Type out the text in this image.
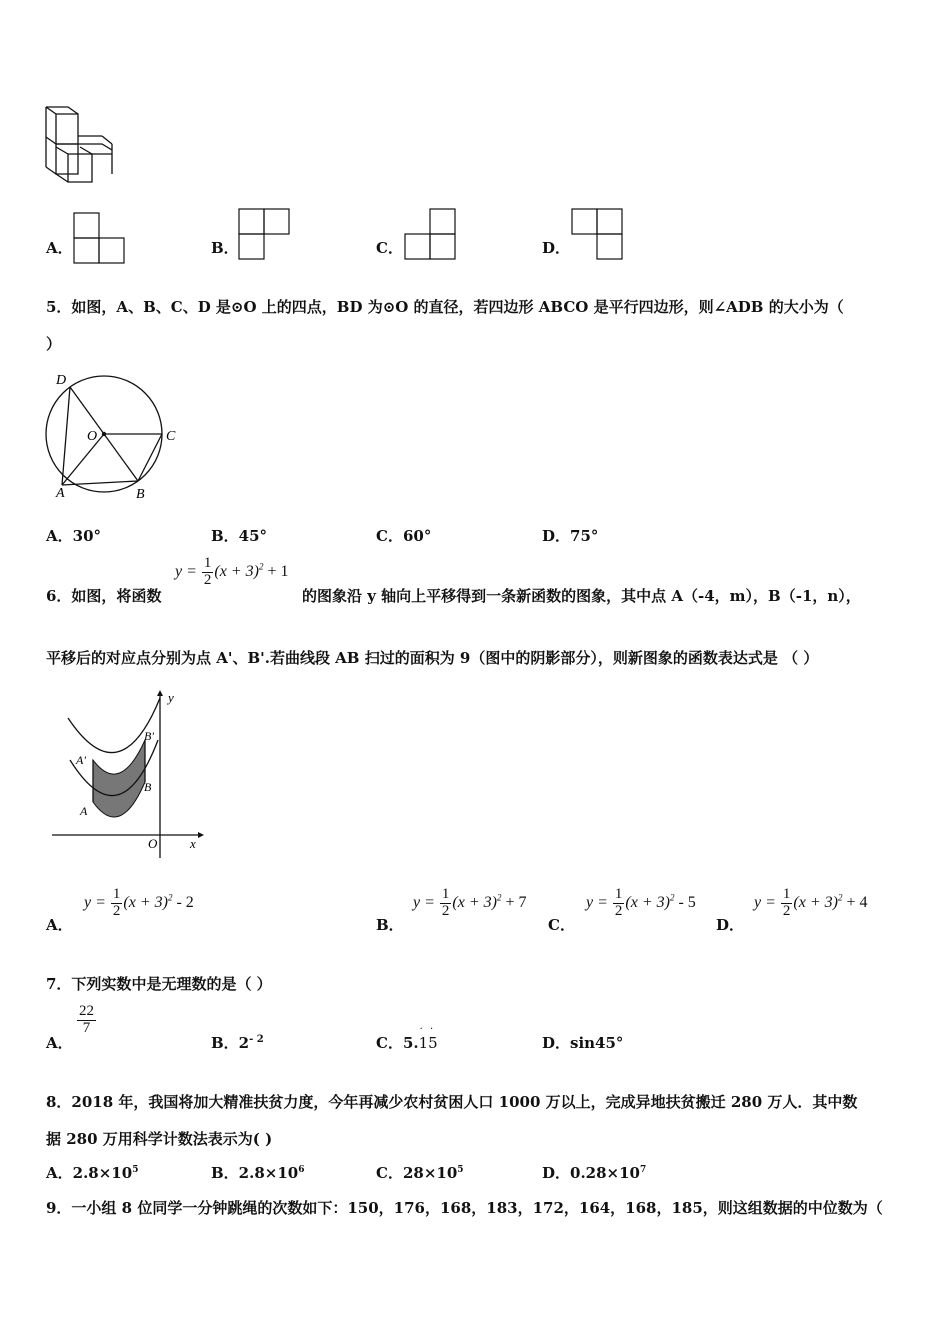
A．	B．	C．	D．
5．如图，A、B、C、D 是⊙O 上的四点，BD 为⊙O 的直径，若四边形 ABCO 是平行四边形，则∠ADB 的大小为（
）
D
O	C
A	B
A．30°	B．45°	C．60°	D．75°
6．如图，将函数
$y = \frac{1}{2} (x + 3)^2 + 1$
的图象沿 y 轴向上平移得到一条新函数的图象，其中点 A（-4，m），B（-1，n），
平移后的对应点分别为点 A'、B'.若曲线段 AB 扫过的面积为 9（图中的阴影部分），则新图象的函数表达式是 （ ）
y
B'
A'
B
A
O	x
A．
$y = \frac{1}{2} (x + 3)^2 - 2$
B．
$y = \frac{1}{2} (x + 3)^2 + 7$
C．
$y = \frac{1}{2} (x + 3)^2 - 5$
D．
$y = \frac{1}{2} (x + 3)^2 + 4$
7．下列实数中是无理数的是（ ）
A．
$\frac{22}{7}$
B．$2^{- 2}$	C．5.
· ·
15	D．sin45°
8．2018 年，我国将加大精准扶贫力度，今年再减少农村贫困人口 1000 万以上，完成异地扶贫搬迁 280 万人．其中数
据 280 万用科学计数法表示为( )
A．$2.8\times 10^5$	B．$2.8\times 10^6$	C．$28\times 10^5$	D．$0.28\times 10^7$
9．一小组 8 位同学一分钟跳绳的次数如下：150，176，168，183，172，164，168，185，则这组数据的中位数为（
